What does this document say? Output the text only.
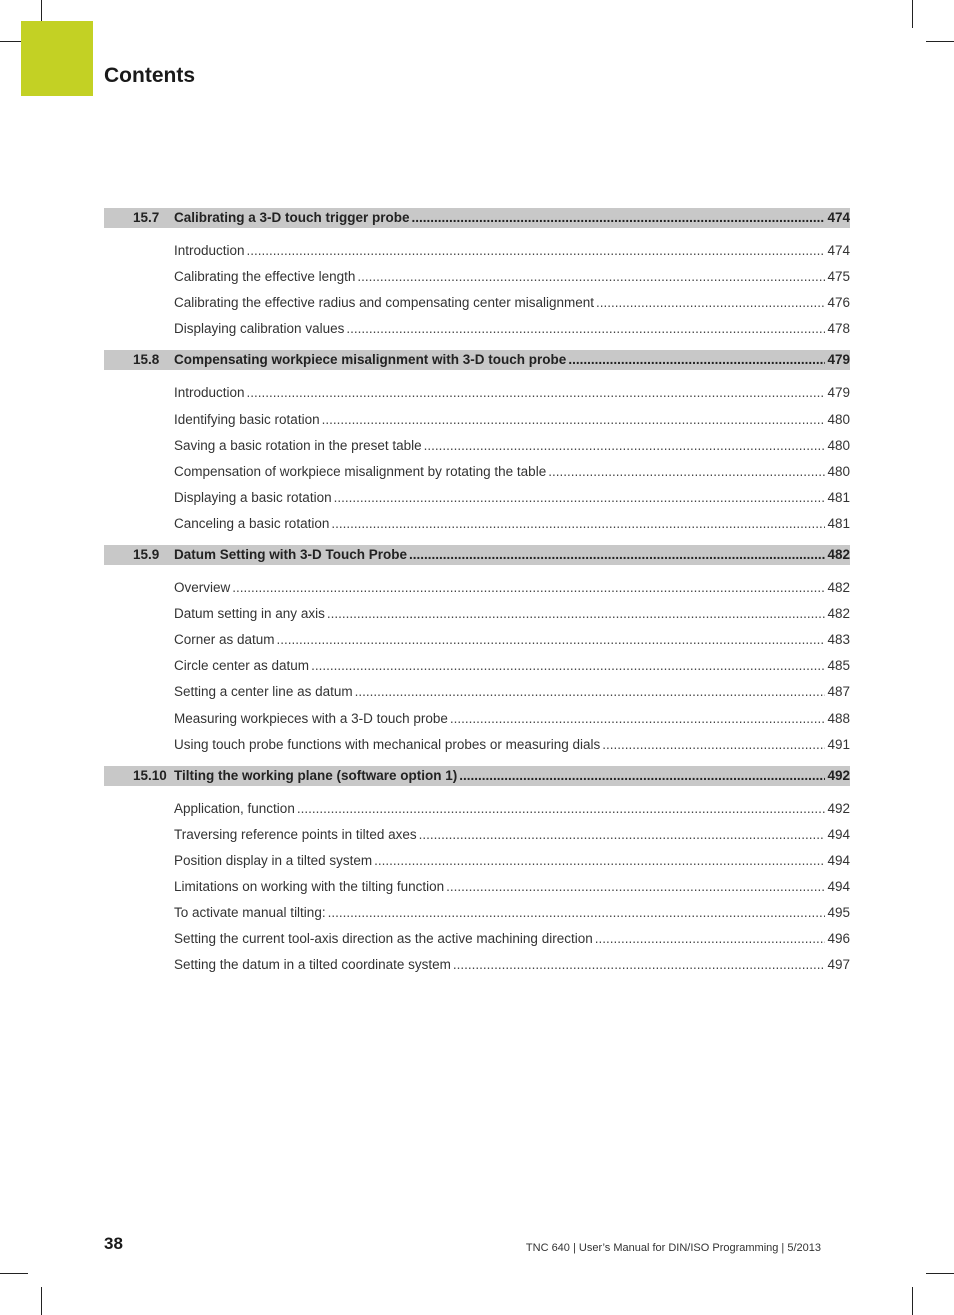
Contents
15.7	Calibrating a 3-D touch trigger probe .....	474
Introduction .....	474
Calibrating the effective length .....	475
Calibrating the effective radius and compensating center misalignment .....	476
Displaying calibration values .....	478
15.8	Compensating workpiece misalignment with 3-D touch probe .....	479
Introduction .....	479
Identifying basic rotation .....	480
Saving a basic rotation in the preset table .....	480
Compensation of workpiece misalignment by rotating the table .....	480
Displaying a basic rotation .....	481
Canceling a basic rotation .....	481
15.9	Datum Setting with 3-D Touch Probe .....	482
Overview .....	482
Datum setting in any axis .....	482
Corner as datum .....	483
Circle center as datum .....	485
Setting a center line as datum .....	487
Measuring workpieces with a 3-D touch probe .....	488
Using touch probe functions with mechanical probes or measuring dials .....	491
15.10 Tilting the working plane (software option 1) .....	492
Application, function .....	492
Traversing reference points in tilted axes .....	494
Position display in a tilted system .....	494
Limitations on working with the tilting function .....	494
To activate manual tilting: .....	495
Setting the current tool-axis direction as the active machining direction .....	496
Setting the datum in a tilted coordinate system .....	497
38	TNC 640 | User’s Manual for DIN/ISO Programming | 5/2013
